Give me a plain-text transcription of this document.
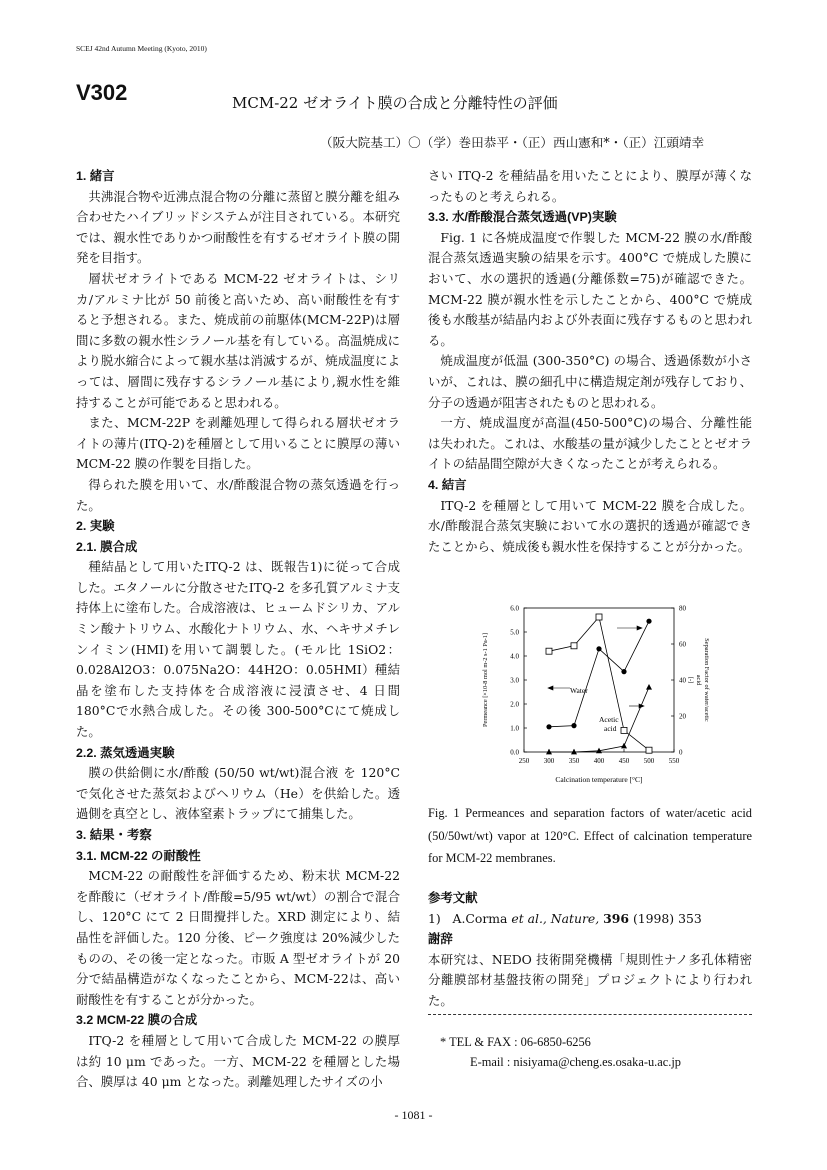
SCEJ 42nd Autumn Meeting (Kyoto, 2010)
V302	MCM-22 ゼオライト膜の合成と分離特性の評価
（阪大院基工）〇（学）巻田恭平・（正）西山憲和*・（正）江頭靖幸

1. 緒言

共沸混合物や近沸点混合物の分離に蒸留と膜分離を組み合わせたハイブリッドシステムが注目されている。本研究では、親水性でありかつ耐酸性を有するゼオライト膜の開発を目指す。

層状ゼオライトである MCM-22 ゼオライトは、シリカ/アルミナ比が 50 前後と高いため、高い耐酸性を有すると予想される。また、焼成前の前駆体(MCM-22P)は層間に多数の親水性シラノール基を有している。高温焼成により脱水縮合によって親水基は消滅するが、焼成温度によっては、層間に残存するシラノール基により,親水性を維持することが可能であると思われる。

また、MCM-22P を剥離処理して得られる層状ゼオライトの薄片(ITQ-2)を種層として用いることに膜厚の薄い MCM-22 膜の作製を目指した。

得られた膜を用いて、水/酢酸混合物の蒸気透過を行った。

2. 実験

2.1. 膜合成

種結晶として用いたITQ-2 は、既報告1)に従って合成した。エタノールに分散させたITQ-2 を多孔質アルミナ支持体上に塗布した。合成溶液は、ヒュームドシリカ、アルミン酸ナトリウム、水酸化ナトリウム、水、ヘキサメチレンイミン(HMI)を用いて調製した。(モル比 1SiO2：0.028Al2O3：0.075Na2O：44H2O：0.05HMI）種結晶を塗布した支持体を合成溶液に浸漬させ、4 日間 180°Cで水熱合成した。その後 300-500°Cにて焼成した。

2.2. 蒸気透過実験

膜の供給側に水/酢酸 (50/50 wt/wt)混合液 を 120°Cで気化させた蒸気およびヘリウム（He）を供給した。透過側を真空とし、液体窒素トラップにて捕集した。

3. 結果・考察

3.1. MCM-22 の耐酸性

MCM-22 の耐酸性を評価するため、粉末状 MCM-22を酢酸に（ゼオライト/酢酸=5/95 wt/wt）の割合で混合し、120°C にて 2 日間攪拌した。XRD 測定により、結晶性を評価した。120 分後、ピーク強度は 20%減少したものの、その後一定となった。市販 A 型ゼオライトが 20 分で結晶構造がなくなったことから、MCM-22は、高い耐酸性を有することが分かった。

3.2 MCM-22 膜の合成

ITQ-2 を種層として用いて合成した MCM-22 の膜厚は約 10 μm であった。一方、MCM-22 を種層とした場合、膜厚は 40 μm となった。剥離処理したサイズの小

さい ITQ-2 を種結晶を用いたことにより、膜厚が薄くなったものと考えられる。

3.3. 水/酢酸混合蒸気透過(VP)実験

Fig. 1 に各焼成温度で作製した MCM-22 膜の水/酢酸混合蒸気透過実験の結果を示す。400°C で焼成した膜において、水の選択的透過(分離係数=75)が確認できた。MCM-22 膜が親水性を示したことから、400°C で焼成後も水酸基が結晶内および外表面に残存するものと思われる。

焼成温度が低温 (300-350°C) の場合、透過係数が小さいが、これは、膜の細孔中に構造規定剤が残存しており、分子の透過が阻害されたものと思われる。

一方、焼成温度が高温(450-500°C)の場合、分離性能は失われた。これは、水酸基の量が減少したこととゼオライトの結晶間空隙が大きくなったことが考えられる。

4. 結言

ITQ-2 を種層として用いて MCM-22 膜を合成した。水/酢酸混合蒸気実験において水の選択的透過が確認できたことから、焼成後も親水性を保持することが分かった。

0.0
1.0
2.0
3.0
4.0
5.0
6.0
0
20
40
60
80
250 300 350 400 450 500 550
Water
Acetic
acid
Calcination temperature [°C]
Permeance [×10-8 mol m-2 s-1 Pa-1]	Separation Factor of water/acetic
acid
[-]
Fig. 1 Permeances and separation factors of water/acetic acid (50/50wt/wt) vapor at 120°C. Effect of calcination temperature for MCM-22 membranes.

参考文献

1) A.Corma et al., Nature, 396 (1998) 353

謝辞

本研究は、NEDO 技術開発機構「規則性ナノ多孔体精密分離膜部材基盤技術の開発」プロジェクトにより行われた。

* TEL & FAX : 06-6850-6256
E-mail : nisiyama@cheng.es.osaka-u.ac.jp
- 1081 -
